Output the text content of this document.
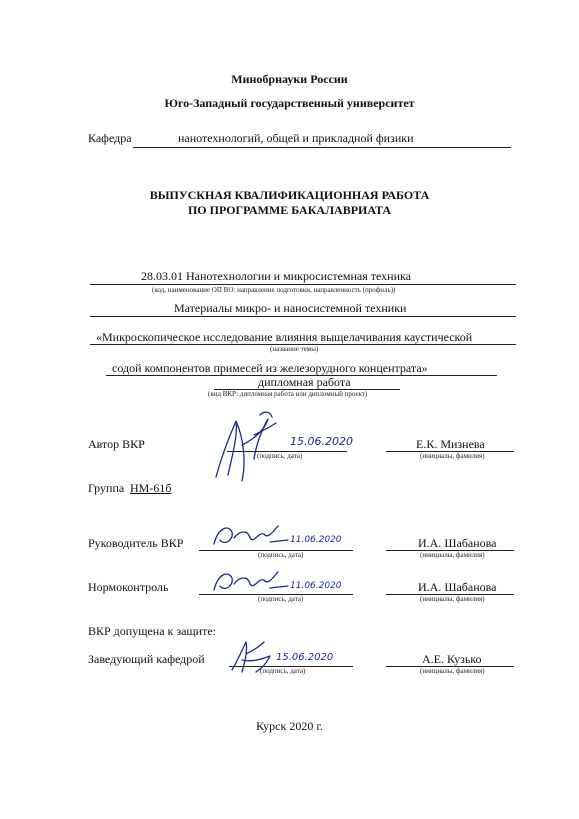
Минобрнауки России
Юго-Западный государственный университет
Кафедра	нанотехнологий, общей и прикладной физики
ВЫПУСКНАЯ КВАЛИФИКАЦИОННАЯ РАБОТА
ПО ПРОГРАММЕ БАКАЛАВРИАТА
28.03.01 Нанотехнологии и микросистемная техника
(код, наименование ОП ВО: направление подготовки, направленность (профиль))
Материалы микро- и наносистемной техники
«Микроскопическое исследование влияния выщелачивания каустической
(название темы)
содой компонентов примесей из железорудного концентрата»
дипломная работа
(вид ВКР: дипломная работа или дипломный проект)
Автор ВКР
(подпись, дата)
Е.К. Мизнева
(инициалы, фамилия)
15.06.2020
Группа НМ-61б
Руководитель ВКР
(подпись, дата)
И.А. Шабанова
(инициалы, фамилия)
11.06.2020
Нормоконтроль
(подпись, дата)
И.А. Шабанова
(инициалы, фамилия)
11.06.2020
ВКР допущена к защите:
Заведующий кафедрой
(подпись, дата)
А.Е. Кузько
(инициалы, фамилия)
15.06.2020
Курск 2020 г.
